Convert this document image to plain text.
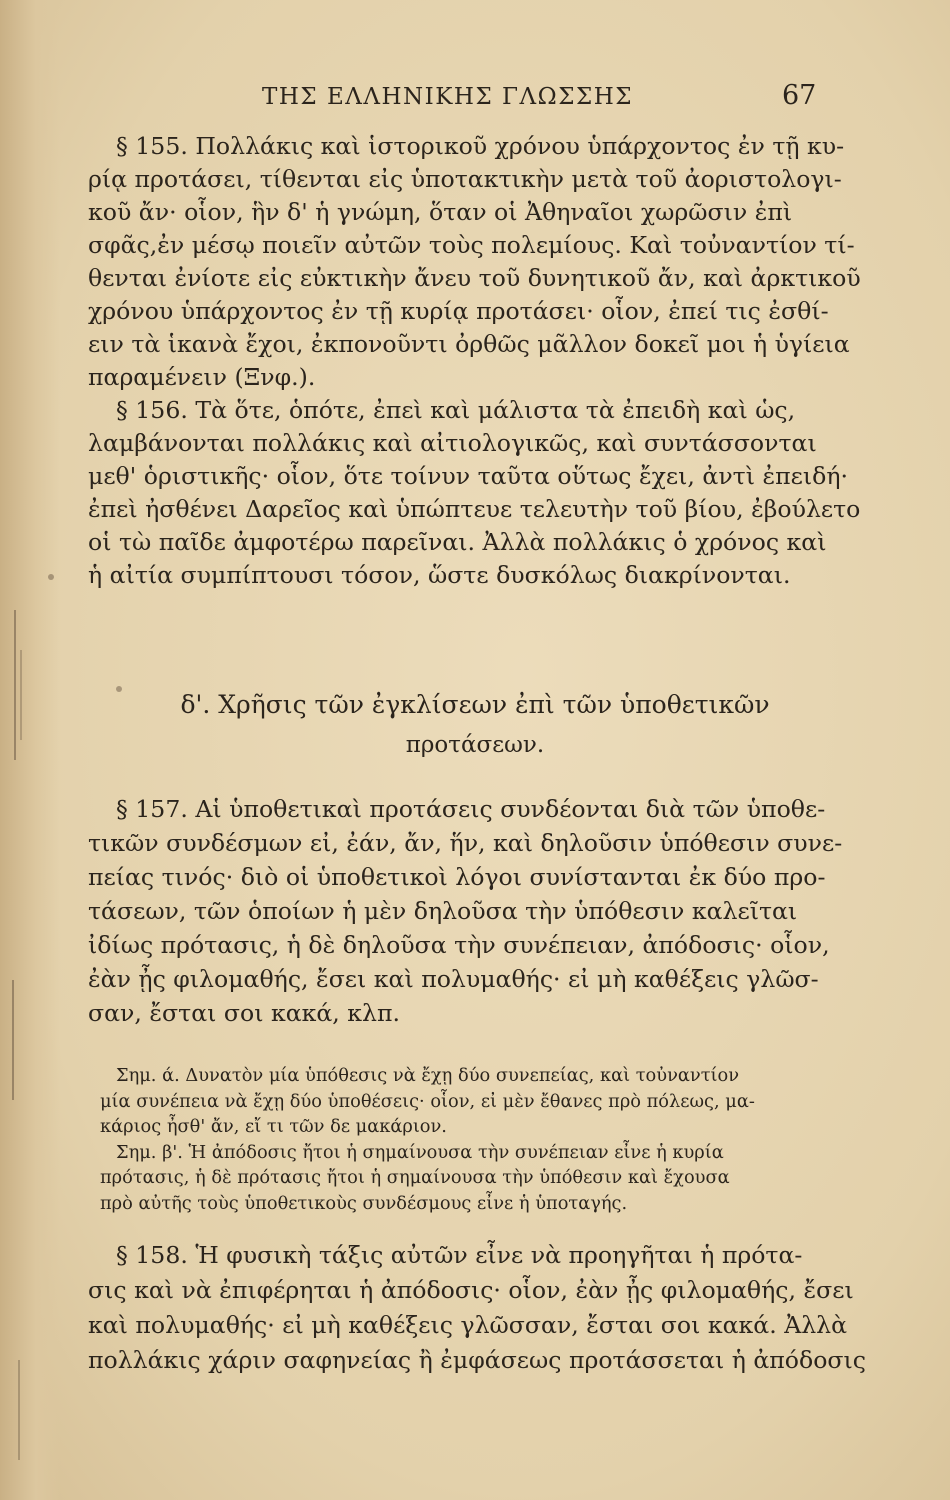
ΤΗΣ ΕΛΛΗΝΙΚΗΣ ΓΛΩΣΣΗΣ	67
§ 155. Πολλάκις καὶ ἱστορικοῦ χρόνου ὑπάρχοντος ἐν τῇ κυ-
ρίᾳ προτάσει, τίθενται εἰς ὑποτακτικὴν μετὰ τοῦ ἀοριστολογι-
κοῦ ἄν· οἷον, ἣν δ' ἡ γνώμη, ὅταν οἱ Ἀθηναῖοι χωρῶσιν ἐπὶ
σφᾶς,ἐν μέσῳ ποιεῖν αὐτῶν τοὺς πολεμίους. Καὶ τοὐναντίον τί-
θενται ἐνίοτε εἰς εὐκτικὴν ἄνευ τοῦ δυνητικοῦ ἄν, καὶ ἀρκτικοῦ
χρόνου ὑπάρχοντος ἐν τῇ κυρίᾳ προτάσει· οἷον, ἐπεί τις ἐσθί-
ειν τὰ ἱκανὰ ἔχοι, ἐκπονοῦντι ὀρθῶς μᾶλλον δοκεῖ μοι ἡ ὑγίεια
παραμένειν (Ξνφ.).
§ 156. Τὰ ὅτε, ὁπότε, ἐπεὶ καὶ μάλιστα τὰ ἐπειδὴ καὶ ὡς,
λαμβάνονται πολλάκις καὶ αἰτιολογικῶς, καὶ συντάσσονται
μεθ' ὁριστικῆς· οἷον, ὅτε τοίνυν ταῦτα οὕτως ἔχει, ἀντὶ ἐπειδή·
ἐπεὶ ἠσθένει Δαρεῖος καὶ ὑπώπτευε τελευτὴν τοῦ βίου, ἐβούλετο
οἱ τὼ παῖδε ἀμφοτέρω παρεῖναι. Ἀλλὰ πολλάκις ὁ χρόνος καὶ
ἡ αἰτία συμπίπτουσι τόσον, ὥστε δυσκόλως διακρίνονται.
δ'. Χρῆσις τῶν ἐγκλίσεων ἐπὶ τῶν ὑποθετικῶν
προτάσεων.
§ 157. Αἱ ὑποθετικαὶ προτάσεις συνδέονται διὰ τῶν ὑποθε-
τικῶν συνδέσμων εἰ, ἐάν, ἄν, ἥν, καὶ δηλοῦσιν ὑπόθεσιν συνε-
πείας τινός· διὸ οἱ ὑποθετικοὶ λόγοι συνίστανται ἐκ δύο προ-
τάσεων, τῶν ὁποίων ἡ μὲν δηλοῦσα τὴν ὑπόθεσιν καλεῖται
ἰδίως πρότασις, ἡ δὲ δηλοῦσα τὴν συνέπειαν, ἀπόδοσις· οἷον,
ἐὰν ᾖς φιλομαθής, ἔσει καὶ πολυμαθής· εἰ μὴ καθέξεις γλῶσ-
σαν, ἔσται σοι κακά, κλπ.
Σημ. ά. Δυνατὸν μία ὑπόθεσις νὰ ἔχῃ δύο συνεπείας, καὶ τοὐναντίον
μία συνέπεια νὰ ἔχῃ δύο ὑποθέσεις· οἷον, εἰ μὲν ἔθανες πρὸ πόλεως, μα-
κάριος ἦσθ' ἄν, εἴ τι τῶν δε μακάριον.
Σημ. β'. Ἡ ἀπόδοσις ἤτοι ἡ σημαίνουσα τὴν συνέπειαν εἶνε ἡ κυρία
πρότασις, ἡ δὲ πρότασις ἤτοι ἡ σημαίνουσα τὴν ὑπόθεσιν καὶ ἔχουσα
πρὸ αὐτῆς τοὺς ὑποθετικοὺς συνδέσμους εἶνε ἡ ὑποταγής.
§ 158. Ἡ φυσικὴ τάξις αὐτῶν εἶνε νὰ προηγῆται ἡ πρότα-
σις καὶ νὰ ἐπιφέρηται ἡ ἀπόδοσις· οἷον, ἐὰν ᾖς φιλομαθής, ἔσει
καὶ πολυμαθής· εἰ μὴ καθέξεις γλῶσσαν, ἔσται σοι κακά. Ἀλλὰ
πολλάκις χάριν σαφηνείας ἢ ἐμφάσεως προτάσσεται ἡ ἀπόδοσις
